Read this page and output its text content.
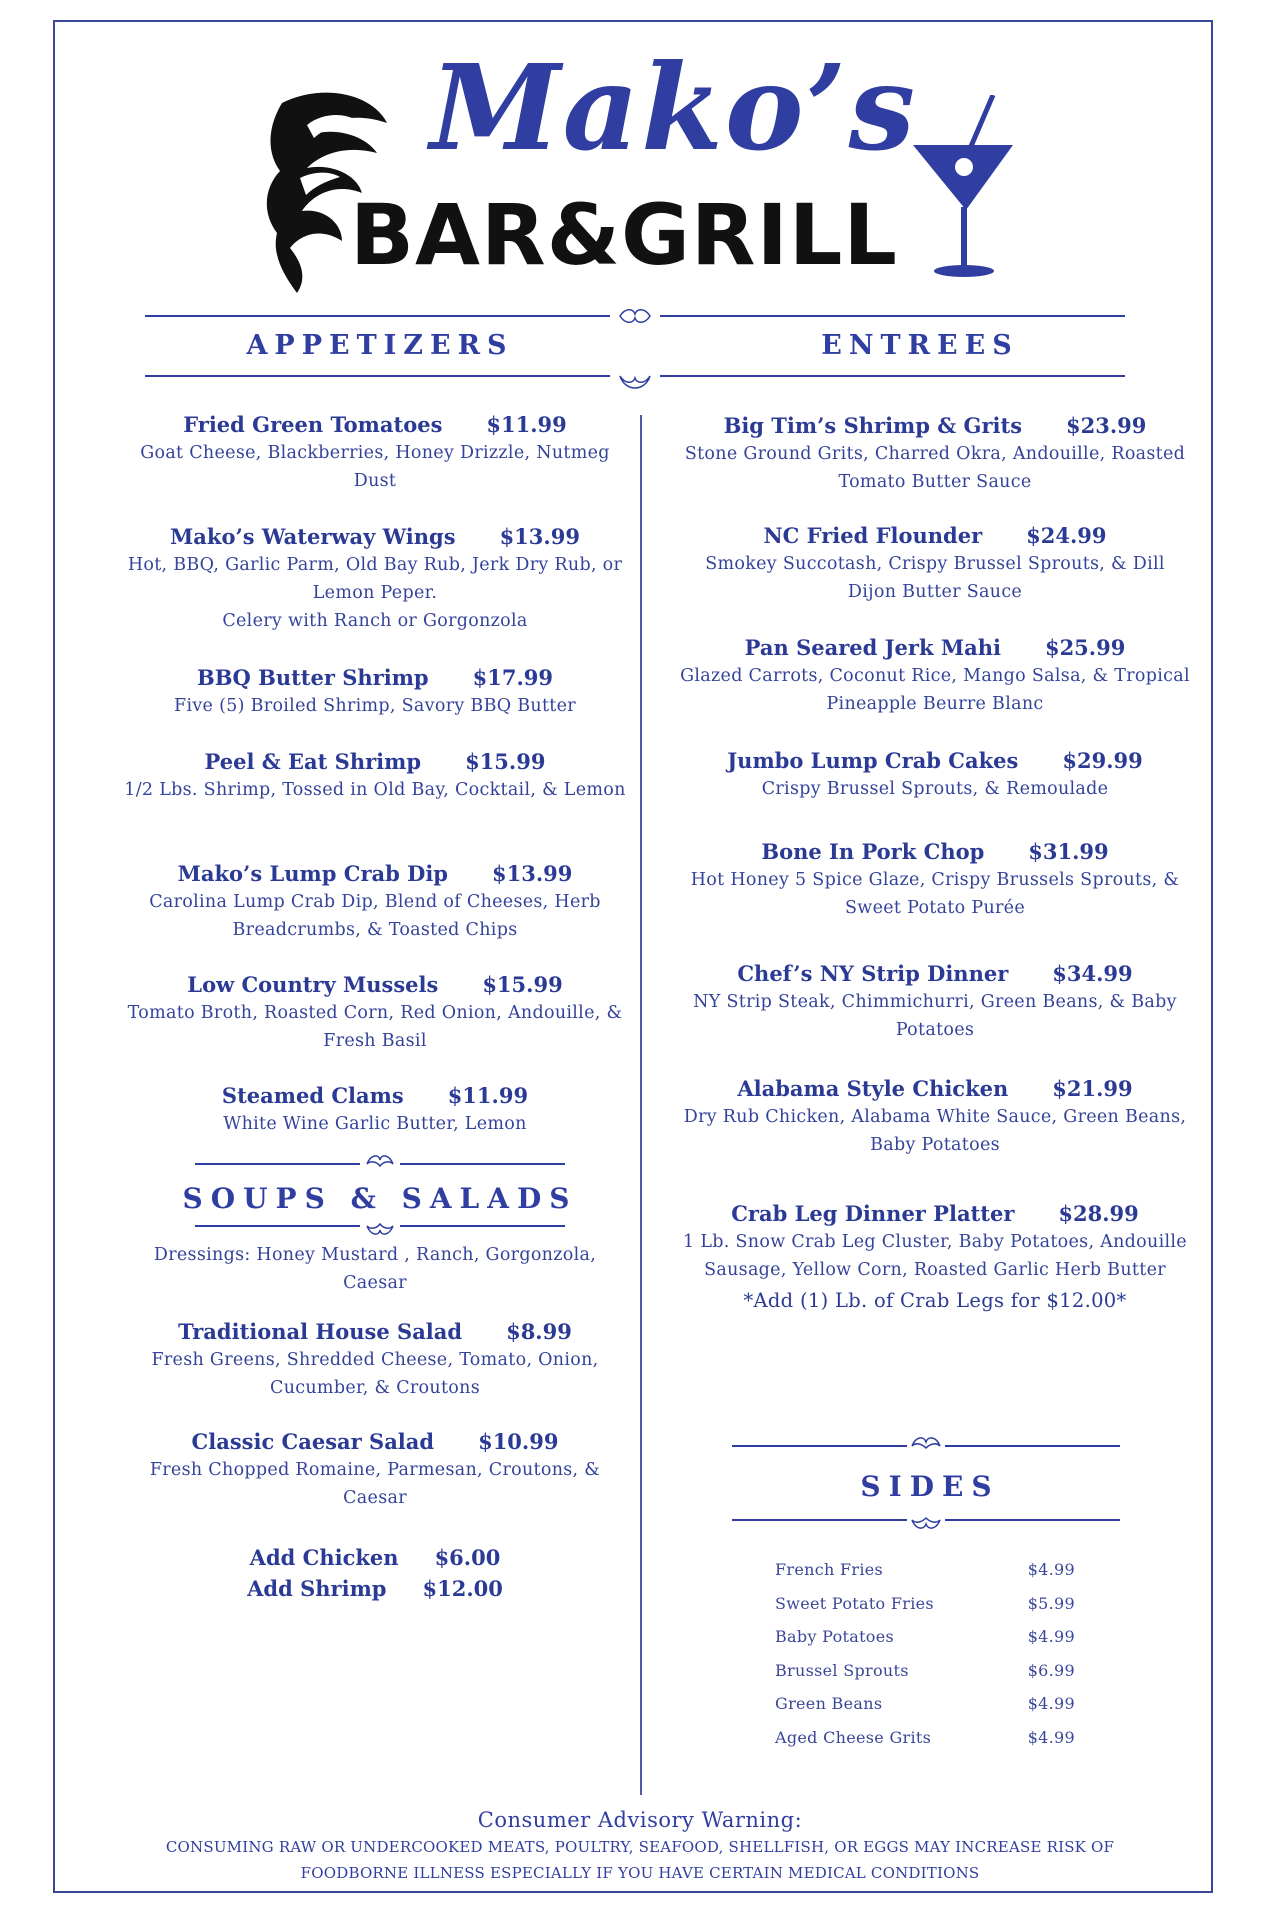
Mako’s
BAR&GRILL
APPETIZERS	ENTREES
Fried Green Tomatoes $11.99
Goat Cheese, Blackberries, Honey Drizzle, Nutmeg Dust
Mako’s Waterway Wings $13.99
Hot, BBQ, Garlic Parm, Old Bay Rub, Jerk Dry Rub, or Lemon Peper.
Celery with Ranch or Gorgonzola
BBQ Butter Shrimp $17.99
Five (5) Broiled Shrimp, Savory BBQ Butter
Peel & Eat Shrimp $15.99
1/2 Lbs. Shrimp, Tossed in Old Bay, Cocktail, & Lemon
Mako’s Lump Crab Dip $13.99
Carolina Lump Crab Dip, Blend of Cheeses, Herb Breadcrumbs, & Toasted Chips
Low Country Mussels $15.99
Tomato Broth, Roasted Corn, Red Onion, Andouille, & Fresh Basil
Steamed Clams $11.99
White Wine Garlic Butter, Lemon
SOUPS & SALADS
Dressings: Honey Mustard , Ranch, Gorgonzola, Caesar
Traditional House Salad $8.99
Fresh Greens, Shredded Cheese, Tomato, Onion, Cucumber, & Croutons
Classic Caesar Salad $10.99
Fresh Chopped Romaine, Parmesan, Croutons, & Caesar
Add Chicken $6.00
Add Shrimp $12.00
Big Tim’s Shrimp & Grits $23.99
Stone Ground Grits, Charred Okra, Andouille, Roasted Tomato Butter Sauce
NC Fried Flounder $24.99
Smokey Succotash, Crispy Brussel Sprouts, & Dill Dijon Butter Sauce
Pan Seared Jerk Mahi $25.99
Glazed Carrots, Coconut Rice, Mango Salsa, & Tropical Pineapple Beurre Blanc
Jumbo Lump Crab Cakes $29.99
Crispy Brussel Sprouts, & Remoulade
Bone In Pork Chop $31.99
Hot Honey 5 Spice Glaze, Crispy Brussels Sprouts, & Sweet Potato Purée
Chef’s NY Strip Dinner $34.99
NY Strip Steak, Chimmichurri, Green Beans, & Baby Potatoes
Alabama Style Chicken $21.99
Dry Rub Chicken, Alabama White Sauce, Green Beans, Baby Potatoes
Crab Leg Dinner Platter $28.99
1 Lb. Snow Crab Leg Cluster, Baby Potatoes, Andouille Sausage, Yellow Corn, Roasted Garlic Herb Butter
*Add (1) Lb. of Crab Legs for $12.00*
SIDES
French Fries	$4.99
Sweet Potato Fries	$5.99
Baby Potatoes	$4.99
Brussel Sprouts	$6.99
Green Beans	$4.99
Aged Cheese Grits	$4.99
Consumer Advisory Warning:
CONSUMING RAW OR UNDERCOOKED MEATS, POULTRY, SEAFOOD, SHELLFISH, OR EGGS MAY INCREASE RISK OF FOODBORNE ILLNESS ESPECIALLY IF YOU HAVE CERTAIN MEDICAL CONDITIONS
